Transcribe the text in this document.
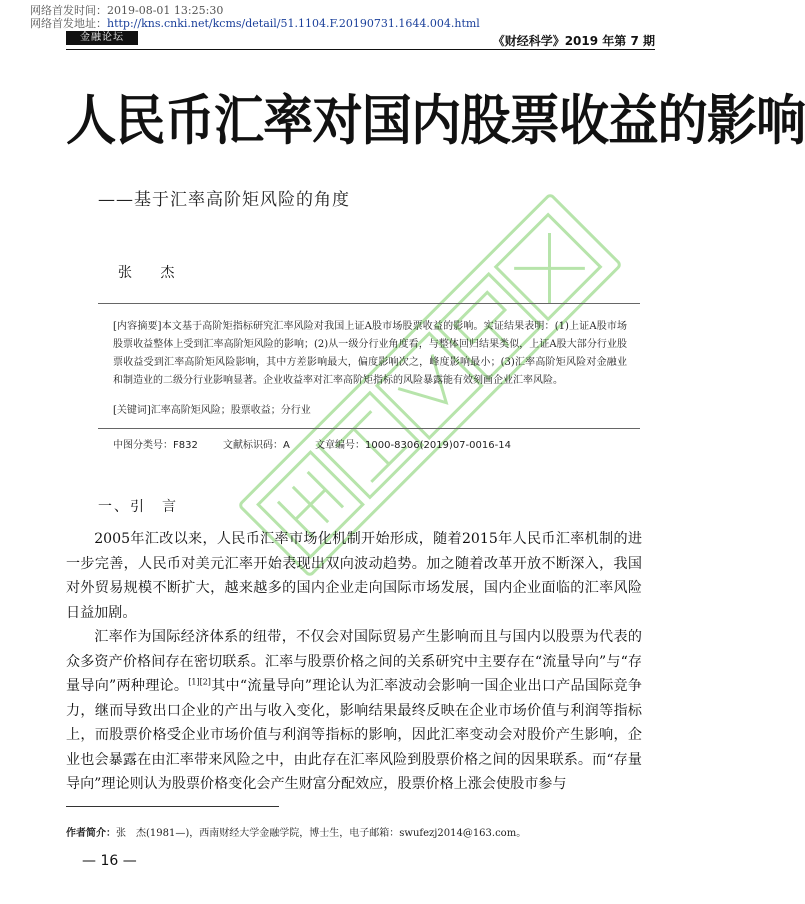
网络首发时间：2019-08-01 13:25:30
网络首发地址：http://kns.cnki.net/kcms/detail/51.1104.F.20190731.1644.004.html
金融论坛	《财经科学》2019 年第 7 期
人民币汇率对国内股票收益的影响
——基于汇率高阶矩风险的角度
张 杰
[内容摘要]本文基于高阶矩指标研究汇率风险对我国上证A股市场股票收益的影响。实证结果表明：(1)上证A股市场股票收益整体上受到汇率高阶矩风险的影响；(2)从一级分行业角度看，与整体回归结果类似，上证A股大部分行业股票收益受到汇率高阶矩风险影响，其中方差影响最大，偏度影响次之，峰度影响最小；(3)汇率高阶矩风险对金融业和制造业的二级分行业影响显著。企业收益率对汇率高阶矩指标的风险暴露能有效刻画企业汇率风险。
[关键词]汇率高阶矩风险；股票收益；分行业
中图分类号：F832	文献标识码：A	文章编号：1000-8306(2019)07-0016-14
一、引　言

2005年汇改以来，人民币汇率市场化机制开始形成，随着2015年人民币汇率机制的进一步完善，人民币对美元汇率开始表现出双向波动趋势。加之随着改革开放不断深入，我国对外贸易规模不断扩大，越来越多的国内企业走向国际市场发展，国内企业面临的汇率风险日益加剧。

汇率作为国际经济体系的纽带，不仅会对国际贸易产生影响而且与国内以股票为代表的众多资产价格间存在密切联系。汇率与股票价格之间的关系研究中主要存在“流量导向”与“存量导向”两种理论。[1][2]其中“流量导向”理论认为汇率波动会影响一国企业出口产品国际竞争力，继而导致出口企业的产出与收入变化，影响结果最终反映在企业市场价值与利润等指标上，而股票价格受企业市场价值与利润等指标的影响，因此汇率变动会对股价产生影响，企业也会暴露在由汇率带来风险之中，由此存在汇率风险到股票价格之间的因果联系。而“存量导向”理论则认为股票价格变化会产生财富分配效应，股票价格上涨会使股市参与

作者简介：张　杰(1981—)，西南财经大学金融学院，博士生，电子邮箱：swufezj2014@163.com。
— 16 —
